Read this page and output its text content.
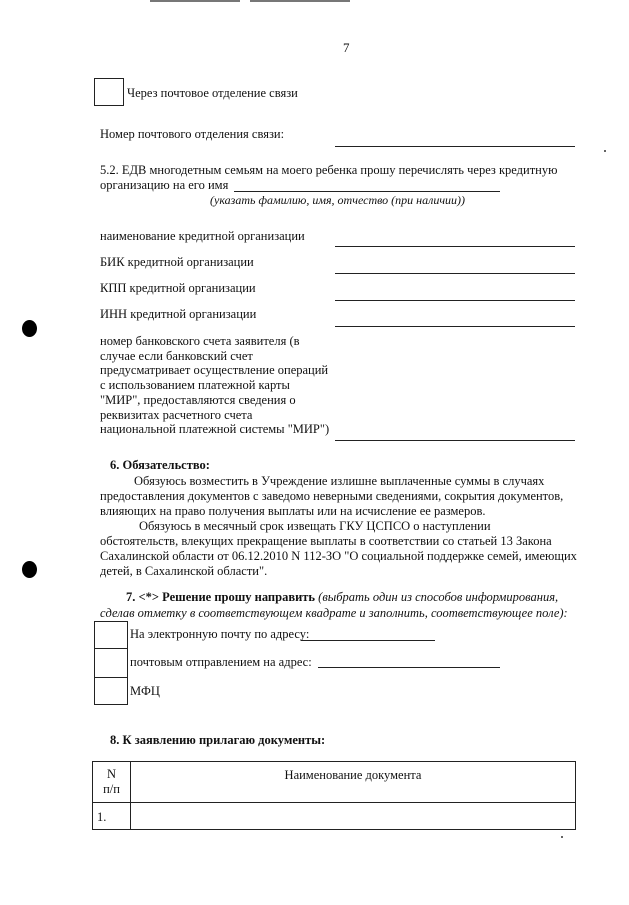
7
Через почтовое отделение связи
Номер почтового отделения связи:
5.2. ЕДВ многодетным семьям на моего ребенка прошу перечислять через кредитную
организацию на его имя
(указать фамилию, имя, отчество (при наличии))
наименование кредитной организации
БИК кредитной организации
КПП кредитной организации
ИНН кредитной организации
номер банковского счета заявителя (в
случае если банковский счет
предусматривает осуществление операций
с использованием платежной карты
"МИР", предоставляются сведения о
реквизитах расчетного счета
национальной платежной системы "МИР")
6. Обязательство:
Обязуюсь возместить в Учреждение излишне выплаченные суммы в случаях
предоставления документов с заведомо неверными сведениями, сокрытия документов,
влияющих на право получения выплаты или на исчисление ее размеров.
Обязуюсь в месячный срок извещать ГКУ ЦСПСО о наступлении
обстоятельств, влекущих прекращение выплаты в соответствии со статьей 13 Закона
Сахалинской области от 06.12.2010 N 112-ЗО "О социальной поддержке семей, имеющих
детей, в Сахалинской области".
7. <*> Решение прошу направить (выбрать один из способов информирования,
сделав отметку в соответствующем квадрате и заполнить, соответствующее поле):
На электронную почту по адресу:
почтовым отправлением на адрес:
МФЦ
8. К заявлению прилагаю документы:
N
п/п
Наименование документа
1.
